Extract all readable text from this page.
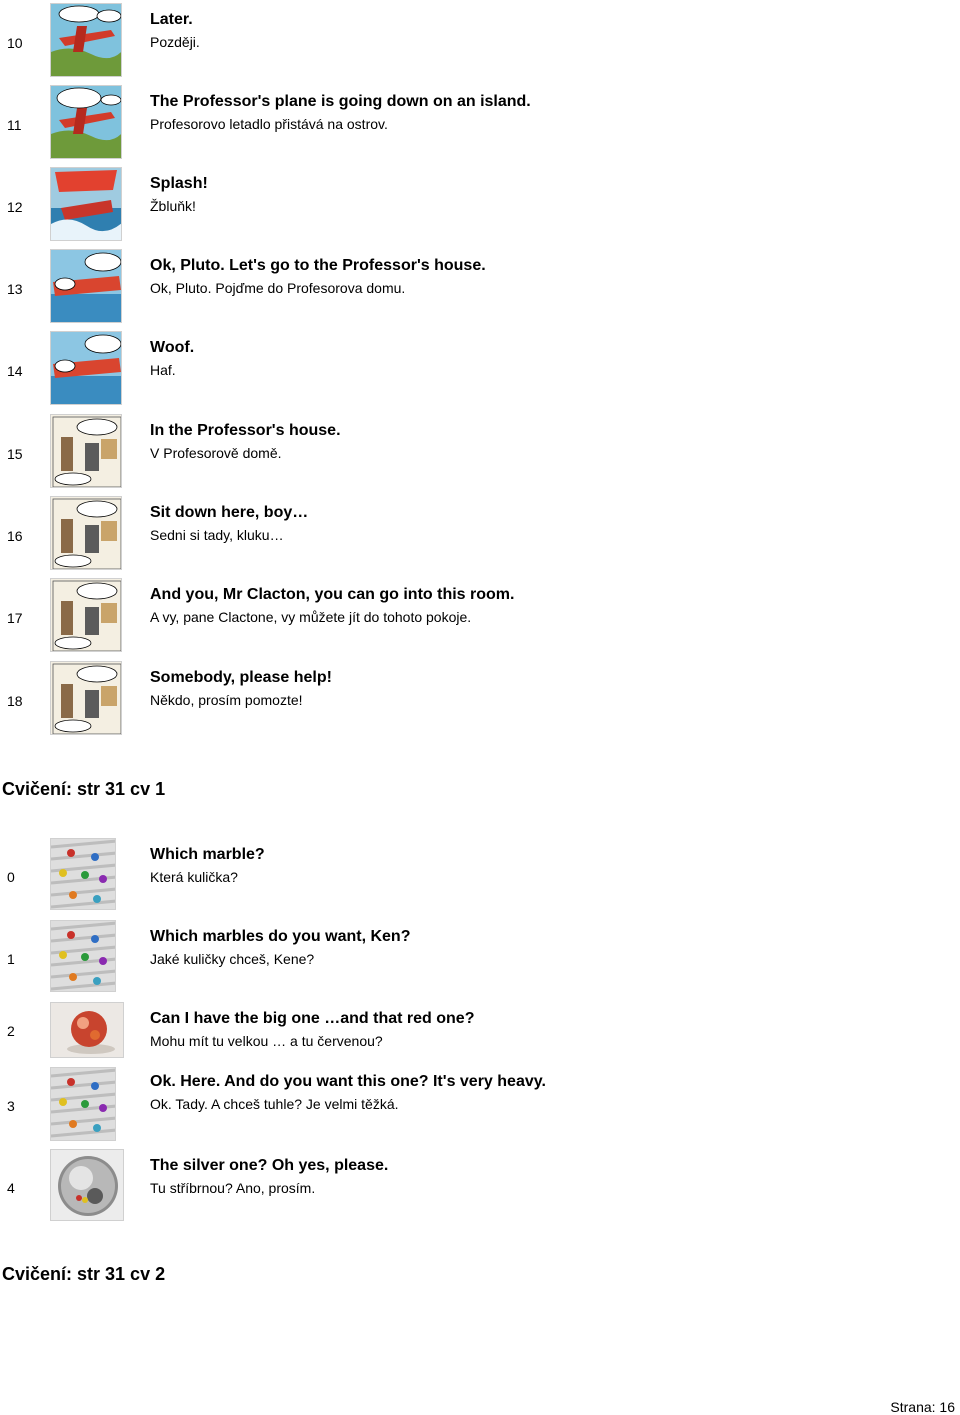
10
Later.
Později.
11
The Professor's plane is going down on an island.
Profesorovo letadlo přistává na ostrov.
12
Splash!
Žbluňk!
13
Ok, Pluto. Let's go to the Professor's house.
Ok, Pluto. Pojďme do Profesorova domu.
14
Woof.
Haf.
15
In the Professor's house.
V Profesorově domě.
16
Sit down here, boy…
Sedni si tady, kluku…
17
And you, Mr Clacton, you can go into this room.
A vy, pane Clactone, vy můžete jít do tohoto pokoje.
18
Somebody, please help!
Někdo, prosím pomozte!
Cvičení: str 31 cv 1
0
Which marble?
Která kulička?
1
Which marbles do you want, Ken?
Jaké kuličky chceš, Kene?
2
Can I have the big one …and that red one?
Mohu mít tu velkou … a tu červenou?
3
Ok. Here. And do you want this one? It's very heavy.
Ok. Tady. A chceš tuhle? Je velmi těžká.
4
The silver one? Oh yes, please.
Tu stříbrnou? Ano, prosím.
Cvičení: str 31 cv 2
Strana: 16
